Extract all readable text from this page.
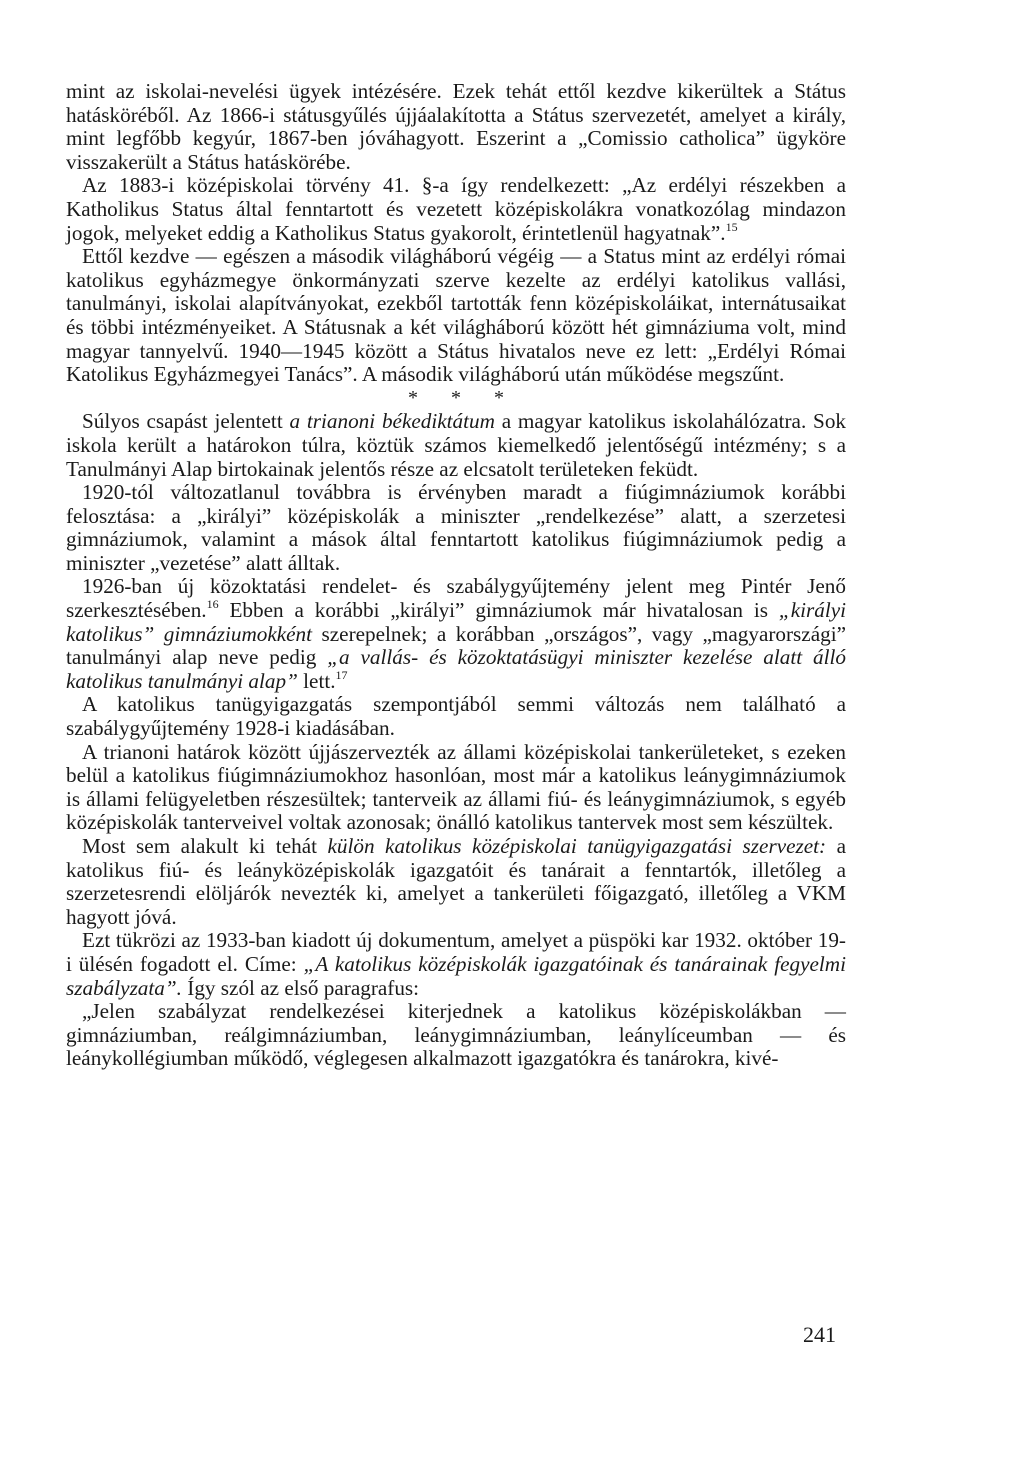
mint az iskolai-nevelési ügyek intézésére. Ezek tehát ettől kezdve kikerültek a Státus hatásköréből. Az 1866-i státusgyűlés újjáalakította a Státus szervezetét, amelyet a király, mint legfőbb kegyúr, 1867-ben jóváhagyott. Eszerint a „Comissio catholica” ügyköre visszakerült a Státus hatáskörébe.

Az 1883-i középiskolai törvény 41. §-a így rendelkezett: „Az erdélyi részekben a Katholikus Status által fenntartott és vezetett középiskolákra vonatkozólag mindazon jogok, melyeket eddig a Katholikus Status gyakorolt, érintetlenül hagyatnak”.$^{15}$

Ettől kezdve — egészen a második világháború végéig — a Status mint az erdélyi római katolikus egyházmegye önkormányzati szerve kezelte az erdélyi katolikus vallási, tanulmányi, iskolai alapítványokat, ezekből tartották fenn középiskoláikat, internátusaikat és többi intézményeiket. A Státusnak a két világháború között hét gimnáziuma volt, mind magyar tannyelvű. 1940—1945 között a Státus hivatalos neve ez lett: „Erdélyi Római Katolikus Egyházmegyei Tanács”. A második világháború után működése megszűnt.

* * *

Súlyos csapást jelentett a trianoni békediktátum a magyar katolikus iskolahálózatra. Sok iskola került a határokon túlra, köztük számos kiemelkedő jelentőségű intézmény; s a Tanulmányi Alap birtokainak jelentős része az elcsatolt területeken feküdt.

1920-tól változatlanul továbbra is érvényben maradt a fiúgimnáziumok korábbi felosztása: a „királyi” középiskolák a miniszter „rendelkezése” alatt, a szerzetesi gimnáziumok, valamint a mások által fenntartott katolikus fiúgimnáziumok pedig a miniszter „vezetése” alatt álltak.

1926-ban új közoktatási rendelet- és szabálygyűjtemény jelent meg Pintér Jenő szerkesztésében.$^{16}$ Ebben a korábbi „királyi” gimnáziumok már hivatalosan is „királyi katolikus” gimnáziumokként szerepelnek; a korábban „országos”, vagy „magyarországi” tanulmányi alap neve pedig „a vallás- és közoktatásügyi miniszter kezelése alatt álló katolikus tanulmányi alap” lett.$^{17}$

A katolikus tanügyigazgatás szempontjából semmi változás nem található a szabálygyűjtemény 1928-i kiadásában.

A trianoni határok között újjászervezték az állami középiskolai tankerületeket, s ezeken belül a katolikus fiúgimnáziumokhoz hasonlóan, most már a katolikus leánygimnáziumok is állami felügyeletben részesültek; tanterveik az állami fiú- és leánygimnáziumok, s egyéb középiskolák tanterveivel voltak azonosak; önálló katolikus tantervek most sem készültek.

Most sem alakult ki tehát külön katolikus középiskolai tanügyigazgatási szervezet: a katolikus fiú- és leányközépiskolák igazgatóit és tanárait a fenntartók, illetőleg a szerzetesrendi elöljárók nevezték ki, amelyet a tankerületi főigazgató, illetőleg a VKM hagyott jóvá.

Ezt tükrözi az 1933-ban kiadott új dokumentum, amelyet a püspöki kar 1932. október 19-i ülésén fogadott el. Címe: „A katolikus középiskolák igazgatóinak és tanárainak fegyelmi szabályzata”. Így szól az első paragrafus:

„Jelen szabályzat rendelkezései kiterjednek a katolikus középiskolákban — gimnáziumban, reálgimnáziumban, leánygimnáziumban, leánylíceumban — és leánykollégiumban működő, véglegesen alkalmazott igazgatókra és tanárokra, kivé-

241
